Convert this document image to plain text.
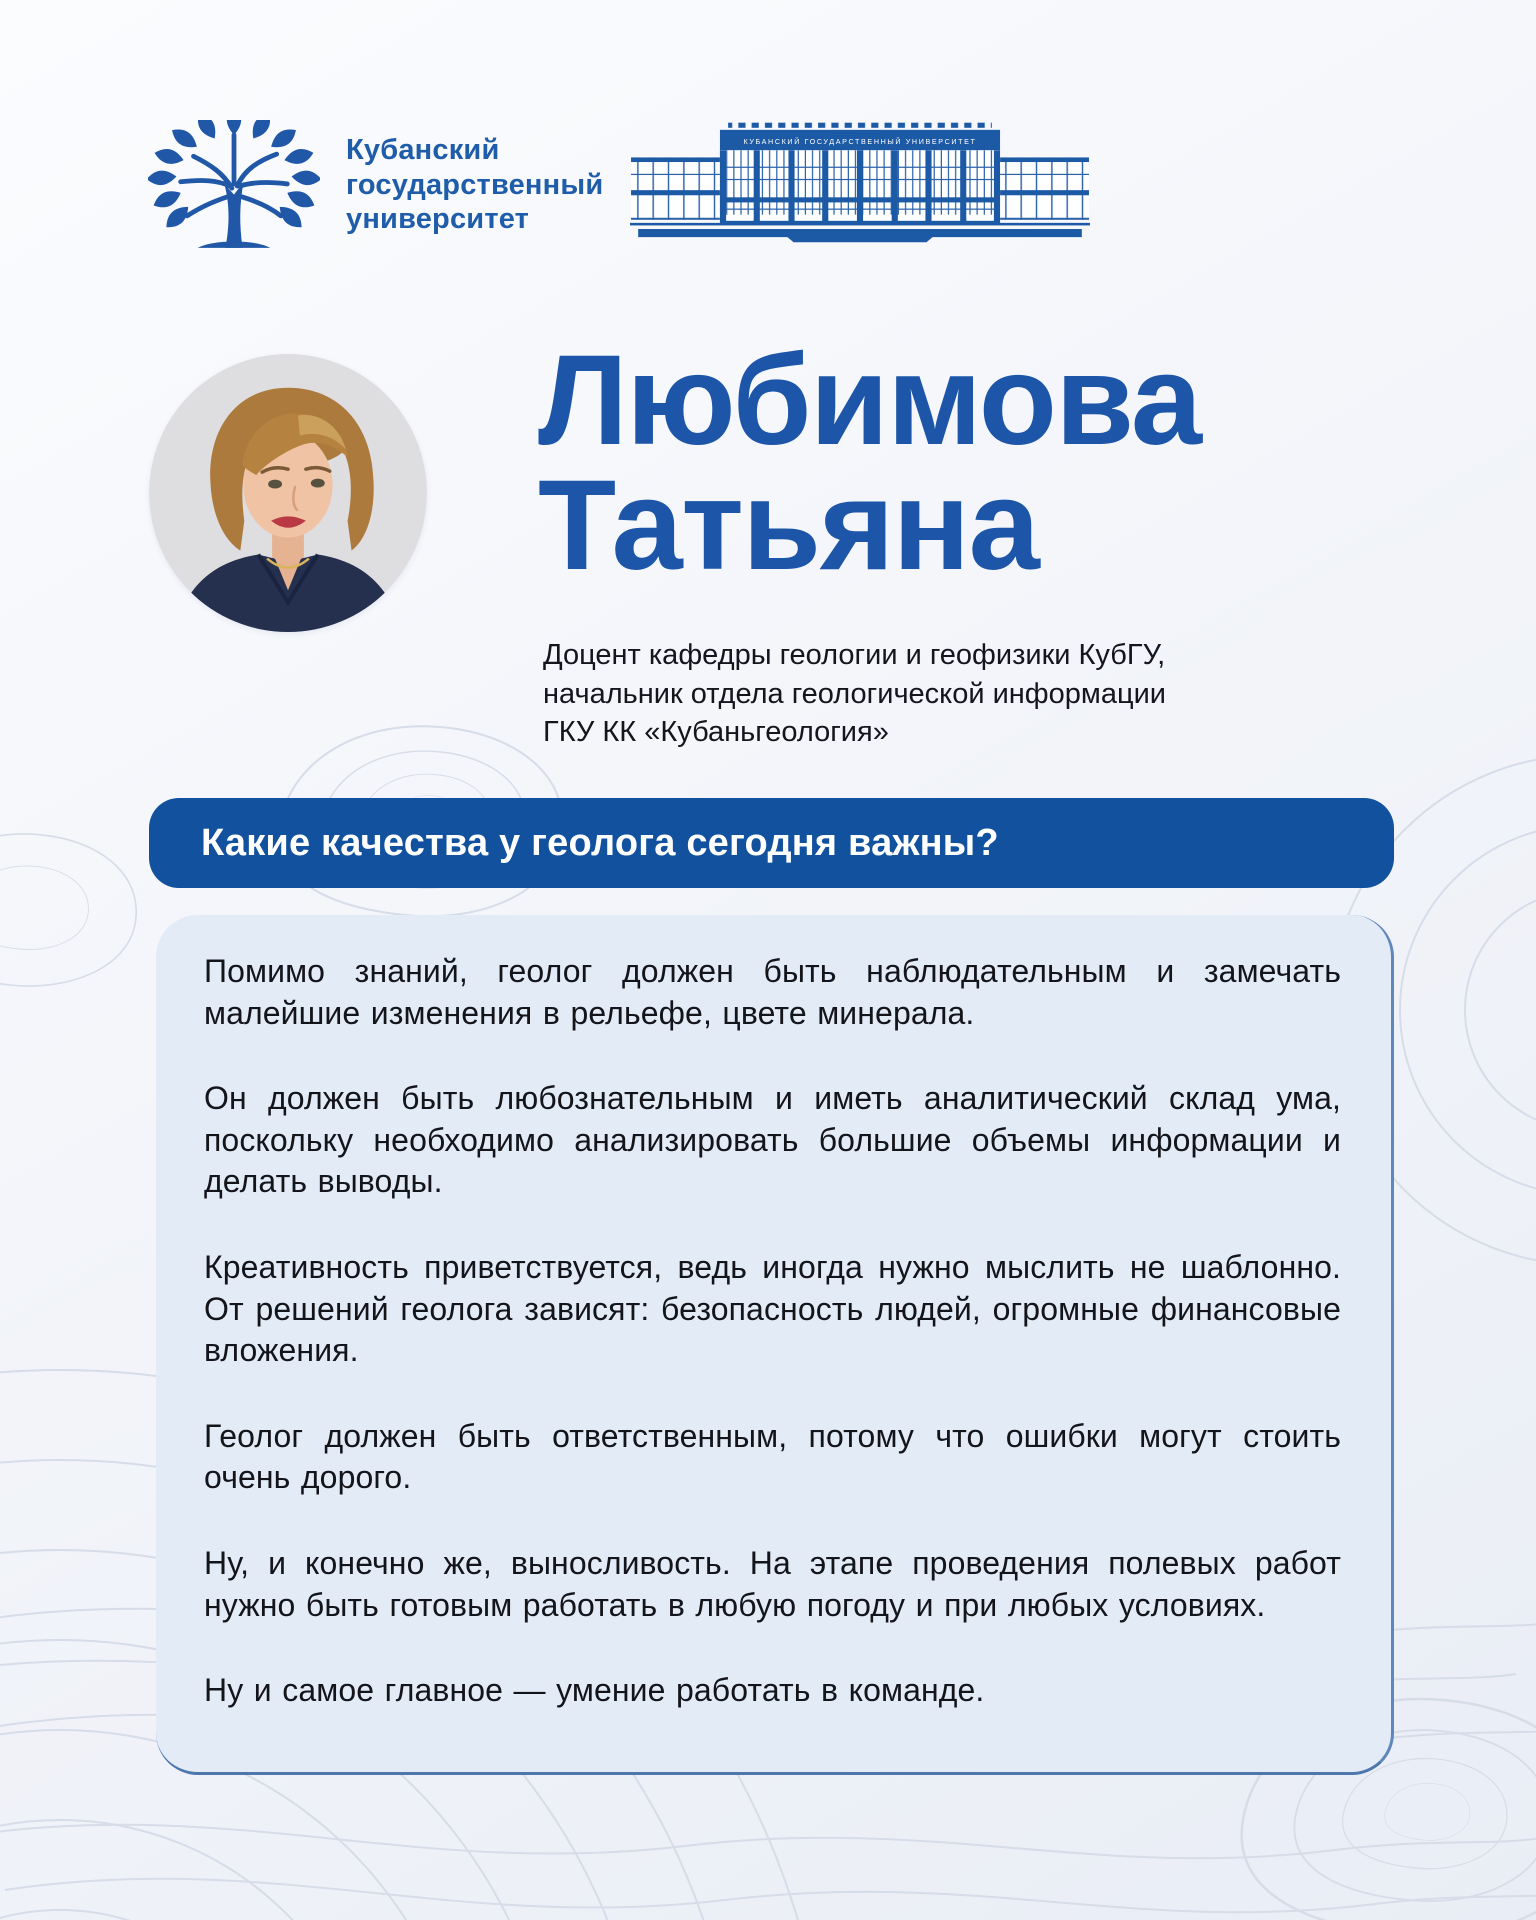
Кубанский
государственный
университет
КУБАНСКИЙ ГОСУДАРСТВЕННЫЙ УНИВЕРСИТЕТ
Любимова
Татьяна
Доцент кафедры геологии и геофизики КубГУ,
начальник отдела геологической информации
ГКУ КК «Кубаньгеология»
Какие качества у геолога сегодня важны?

Помимо знаний, геолог должен быть наблюдательным и замечать малейшие изменения в рельефе, цвете минерала.

Он должен быть любознательным и иметь аналитический склад ума, поскольку необходимо анализировать большие объемы информации и делать выводы.

Креативность приветствуется, ведь иногда нужно мыслить не шаблонно. От решений геолога зависят: безопасность людей, огромные финансовые вложения.

Геолог должен быть ответственным, потому что ошибки могут стоить очень дорого.

Ну, и конечно же, выносливость. На этапе проведения полевых работ нужно быть готовым работать в любую погоду и при любых условиях.

Ну и самое главное — умение работать в команде.
